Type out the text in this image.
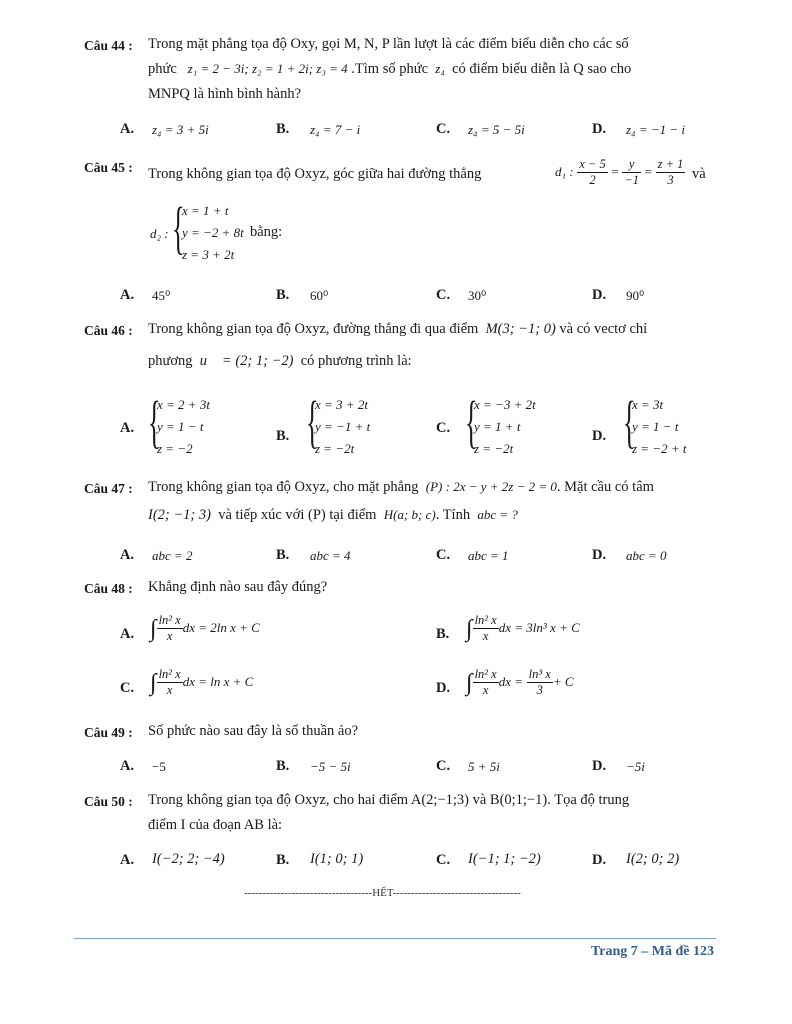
Câu 44 : Trong mặt phẳng tọa độ Oxy, gọi M, N, P lần lượt là các điểm biểu diễn cho các số
phức z₁ = 2 − 3i; z₂ = 1 + 2i; z₃ = 4 .Tìm số phức z₄ có điểm biểu diễn là Q sao cho
MNPQ là hình bình hành?
A. z₄ = 3 + 5i	B. z₄ = 7 − i	C. z₄ = 5 − 5i	D. z₄ = −1 − i
Câu 45 : Trong không gian tọa độ Oxyz, góc giữa hai đường thẳng	d₁ : $\frac{x - 5}{2} = \frac{y}{-1} = \frac{z + 1}{3}$ và
d₂ : {
x = 1 + t
y = −2 + 8t
z = 3 + 2t
bằng:
A. 45⁰	B. 60⁰	C. 30⁰	D. 90⁰
Câu 46 : Trong không gian tọa độ Oxyz, đường thẳng đi qua điểm M(3; −1; 0) và có vectơ chỉ
phương u⃗ = (2; 1; −2) có phương trình là:
A. {
x = 2 + 3t
y = 1 − t
z = −2
B. {
x = 3 + 2t
y = −1 + t
z = −2t
C. {
x = −3 + 2t
y = 1 + t
z = −2t
D. {
x = 3t
y = 1 − t
z = −2 + t
Câu 47 : Trong không gian tọa độ Oxyz, cho mặt phẳng (P) : 2x − y + 2z − 2 = 0. Mặt cầu có tâm
I(2; −1; 3) và tiếp xúc với (P) tại điểm H(a; b; c). Tính abc = ?
A. abc = 2	B. abc = 4	C. abc = 1	D. abc = 0
Câu 48 : Khẳng định nào sau đây đúng?
A. ∫ $\frac{\text{ln² x}}{x}$ dx = 2ln x + C	B. ∫ $\frac{\text{ln² x}}{x}$ dx = 3ln³ x + C
C. ∫ $\frac{\text{ln² x}}{x}$ dx = ln x + C	D. ∫ $\frac{\text{ln² x}}{x}$ dx = $\frac{\text{ln³ x}}{3} + C$
Câu 49 : Số phức nào sau đây là số thuần ảo?
A. −5	B. −5 − 5i	C. 5 + 5i	D. −5i
Câu 50 : Trong không gian tọa độ Oxyz, cho hai điểm A(2;−1;3) và B(0;1;−1). Tọa độ trung
điểm I của đoạn AB là:
A. I(−2; 2; −4)	B. I(1; 0; 1)	C. I(−1; 1; −2)	D. I(2; 0; 2)
-----------------------------------HẾT-----------------------------------
Trang 7 – Mã đề 123
